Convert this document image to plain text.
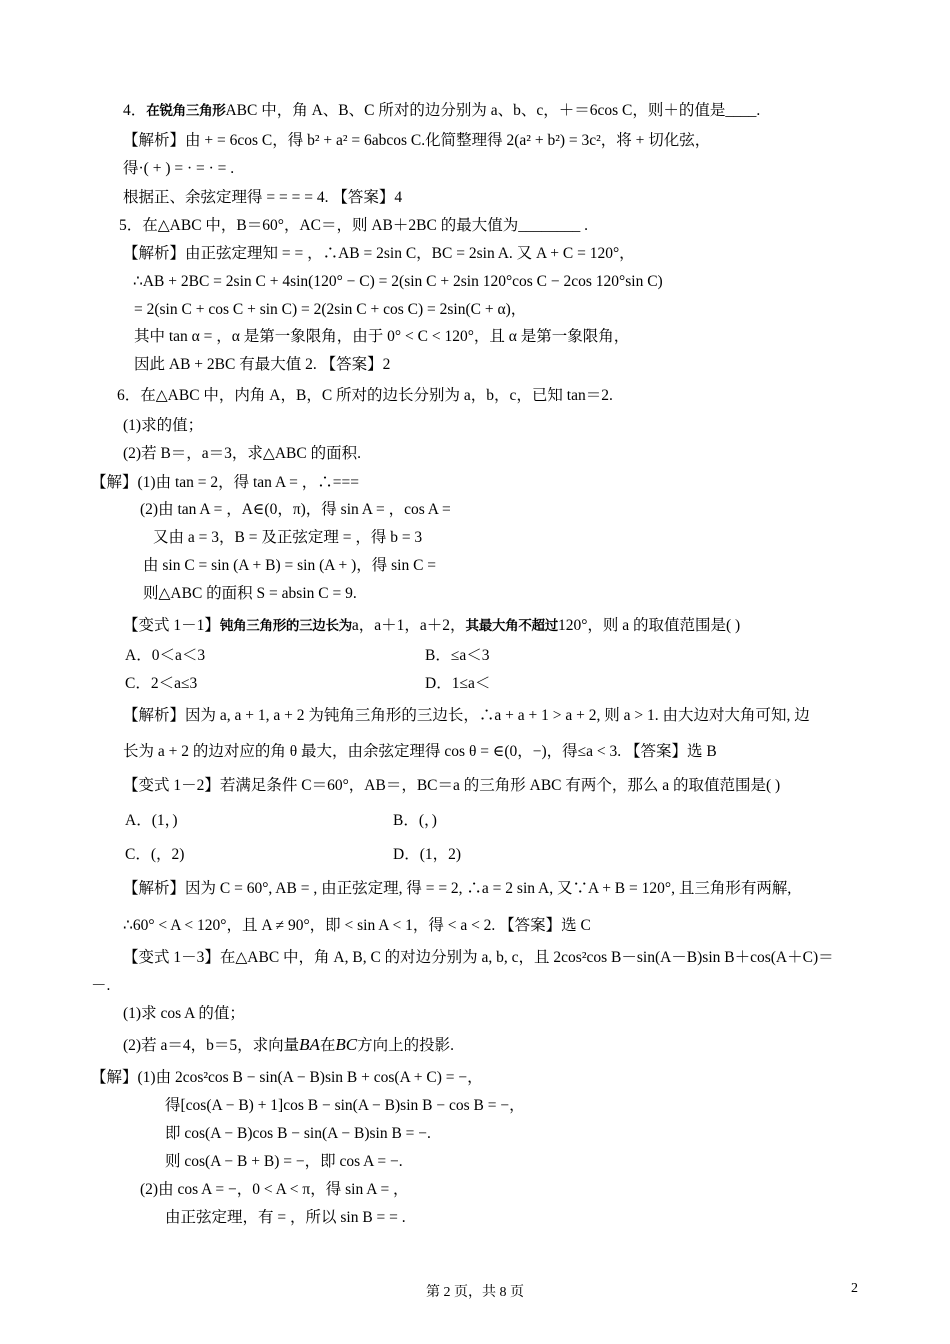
4．在锐角三角形ABC 中，角 A、B、C 所对的边分别为 a、b、c，＋＝6cos C，则＋的值是____.
【解析】由 + = 6cos C，得 b² + a² = 6abcos C.化简整理得 2(a² + b²) = 3c²，将 + 切化弦，
得·( + ) = · = · = .
根据正、余弦定理得 = = = = 4. 【答案】4
5．在△ABC 中，B＝60°，AC＝，则 AB＋2BC 的最大值为________ .
【解析】由正弦定理知 = = ，∴AB = 2sin C，BC = 2sin A. 又 A + C = 120°，
∴AB + 2BC = 2sin C + 4sin(120° − C) = 2(sin C + 2sin 120°cos C − 2cos 120°sin C)
= 2(sin C + cos C + sin C) = 2(2sin C + cos C) = 2sin(C + α)，
其中 tan α = ，α 是第一象限角，由于 0° < C < 120°，且 α 是第一象限角，
因此 AB + 2BC 有最大值 2. 【答案】2
6．在△ABC 中，内角 A，B，C 所对的边长分别为 a，b，c，已知 tan＝2.
(1)求的值；
(2)若 B＝，a＝3，求△ABC 的面积.
【解】(1)由 tan = 2，得 tan A = ，∴===
(2)由 tan A = ，A∈(0，π)，得 sin A = ，cos A =
又由 a = 3，B = 及正弦定理 = ，得 b = 3
由 sin C = sin (A + B) = sin (A + )，得 sin C =
则△ABC 的面积 S = absin C = 9.
【变式 1－1】钝角三角形的三边长为a，a＋1，a＋2，其最大角不超过120°，则 a 的取值范围是( )
A．0＜a＜3	B．≤a＜3
C．2＜a≤3	D．1≤a＜
【解析】因为 a, a + 1, a + 2 为钝角三角形的三边长，∴a + a + 1 > a + 2, 则 a > 1. 由大边对大角可知, 边
长为 a + 2 的边对应的角 θ 最大，由余弦定理得 cos θ = ∈(0，−)，得≤a < 3. 【答案】选 B
【变式 1－2】若满足条件 C＝60°，AB＝，BC＝a 的三角形 ABC 有两个，那么 a 的取值范围是( )
A．(1，)	B．(，)
C．(，2)	D．(1，2)
【解析】因为 C = 60°, AB = , 由正弦定理, 得 = = 2, ∴a = 2 sin A, 又∵A + B = 120°, 且三角形有两解,
∴60° < A < 120°，且 A ≠ 90°，即 < sin A < 1，得 < a < 2. 【答案】选 C
【变式 1－3】在△ABC 中，角 A, B, C 的对边分别为 a, b, c，且 2cos²cos B－sin(A－B)sin B＋cos(A＋C)＝
－.
(1)求 cos A 的值；
(2)若 a＝4，b＝5，求向量BA在BC方向上的投影.
【解】(1)由 2cos²cos B − sin(A − B)sin B + cos(A + C) = −，
得[cos(A − B) + 1]cos B − sin(A − B)sin B − cos B = −，
即 cos(A − B)cos B − sin(A − B)sin B = −.
则 cos(A − B + B) = −，即 cos A = −.
(2)由 cos A = −，0 < A < π，得 sin A = ，
由正弦定理，有 = ，所以 sin B = = .
第 2 页，共 8 页	2
